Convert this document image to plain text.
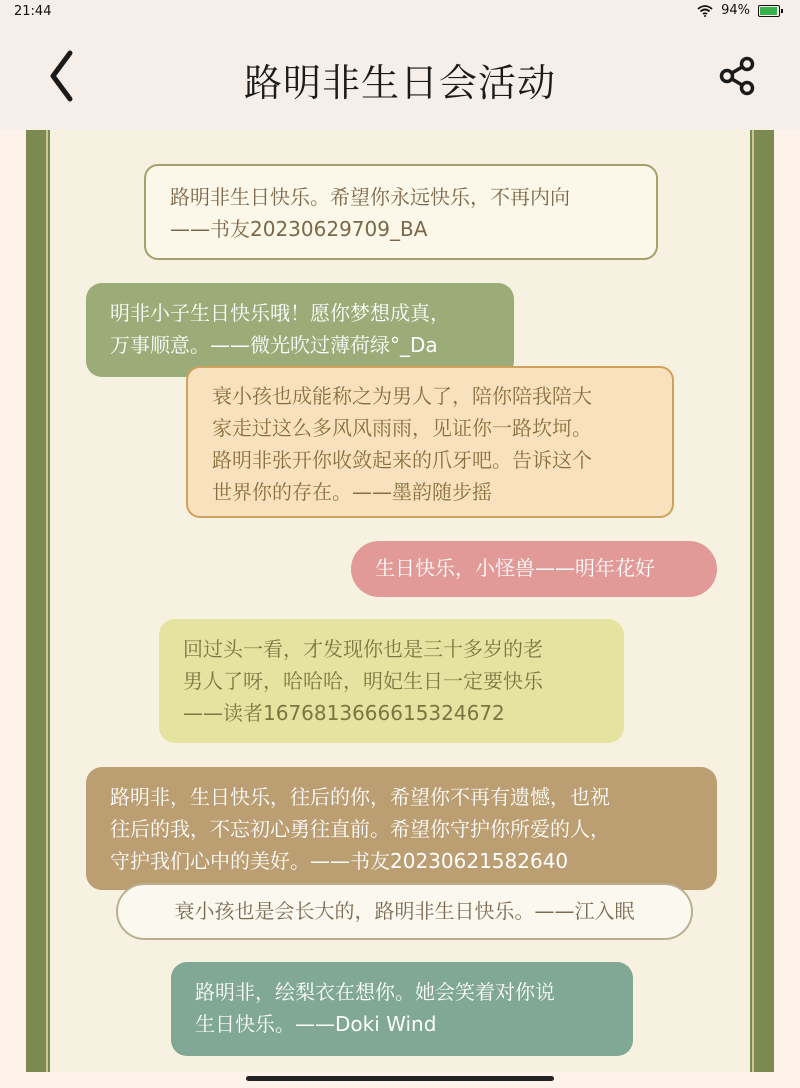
21:44	94%
路明非生日会活动
路明非生日快乐。希望你永远快乐，不再内向
——书友20230629709_BA
明非小子生日快乐哦！愿你梦想成真，
万事顺意。——微光吹过薄荷绿°_Da
衰小孩也成能称之为男人了，陪你陪我陪大
家走过这么多风风雨雨，见证你一路坎坷。
路明非张开你收敛起来的爪牙吧。告诉这个
世界你的存在。——墨韵随步摇
生日快乐，小怪兽——明年花好
回过头一看，才发现你也是三十多岁的老
男人了呀，哈哈哈，明妃生日一定要快乐
——读者1676813666615324672
路明非，生日快乐，往后的你，希望你不再有遗憾，也祝
往后的我，不忘初心勇往直前。希望你守护你所爱的人，
守护我们心中的美好。——书友20230621582640
衰小孩也是会长大的，路明非生日快乐。——江入眠
路明非，绘梨衣在想你。她会笑着对你说
生日快乐。——Doki Wind
